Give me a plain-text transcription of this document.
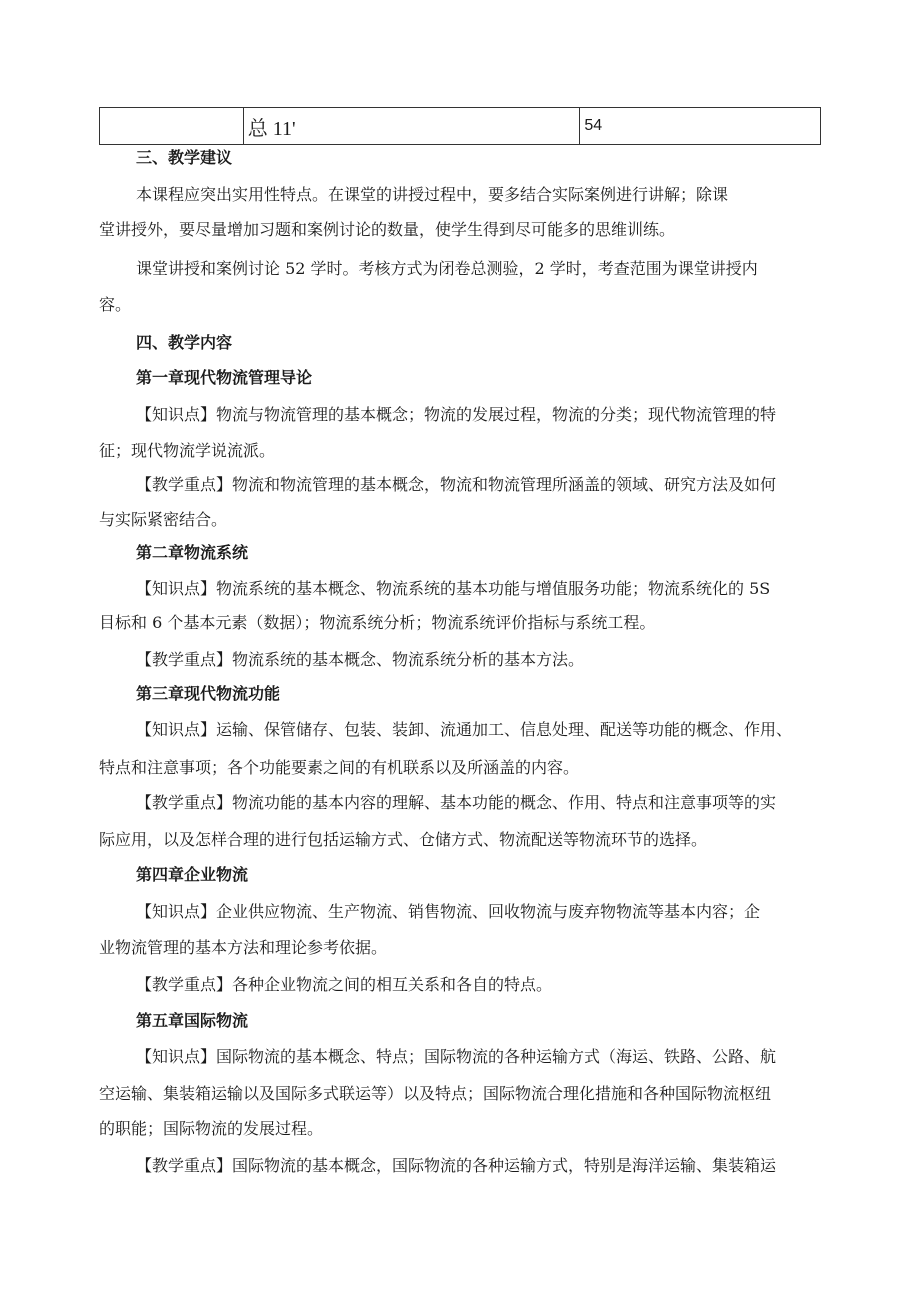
	总 11'	54
三、教学建议
本课程应突出实用性特点。在课堂的讲授过程中，要多结合实际案例进行讲解；除课
堂讲授外，要尽量增加习题和案例讨论的数量，使学生得到尽可能多的思维训练。
课堂讲授和案例讨论 52 学时。考核方式为闭卷总测验，2 学时，考查范围为课堂讲授内
容。
四、教学内容
第一章现代物流管理导论
【知识点】物流与物流管理的基本概念；物流的发展过程，物流的分类；现代物流管理的特
征；现代物流学说流派。
【教学重点】物流和物流管理的基本概念，物流和物流管理所涵盖的领域、研究方法及如何
与实际紧密结合。
第二章物流系统
【知识点】物流系统的基本概念、物流系统的基本功能与增值服务功能；物流系统化的 5S
目标和 6 个基本元素（数据）；物流系统分析；物流系统评价指标与系统工程。
【教学重点】物流系统的基本概念、物流系统分析的基本方法。
第三章现代物流功能
【知识点】运输、保管储存、包装、装卸、流通加工、信息处理、配送等功能的概念、作用、
特点和注意事项；各个功能要素之间的有机联系以及所涵盖的内容。
【教学重点】物流功能的基本内容的理解、基本功能的概念、作用、特点和注意事项等的实
际应用，以及怎样合理的进行包括运输方式、仓储方式、物流配送等物流环节的选择。
第四章企业物流
【知识点】企业供应物流、生产物流、销售物流、回收物流与废弃物物流等基本内容；企
业物流管理的基本方法和理论参考依据。
【教学重点】各种企业物流之间的相互关系和各自的特点。
第五章国际物流
【知识点】国际物流的基本概念、特点；国际物流的各种运输方式（海运、铁路、公路、航
空运输、集装箱运输以及国际多式联运等）以及特点；国际物流合理化措施和各种国际物流枢纽
的职能；国际物流的发展过程。
【教学重点】国际物流的基本概念，国际物流的各种运输方式，特别是海洋运输、集装箱运
